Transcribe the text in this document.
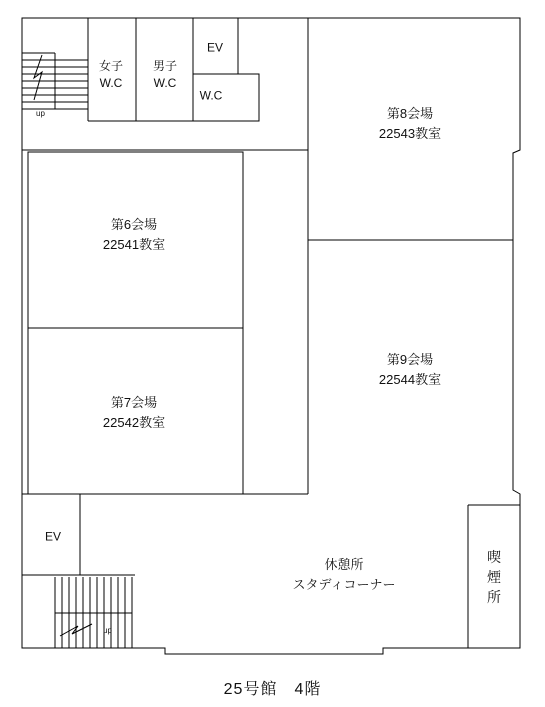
女子
W.C
男子
W.C
EV
W.C
第6会場
22541教室
第7会場
22542教室
第8会場
22543教室
第9会場
22544教室
休憩所
スタディコーナー
EV
喫
煙
所
up
up
25号館　4階
